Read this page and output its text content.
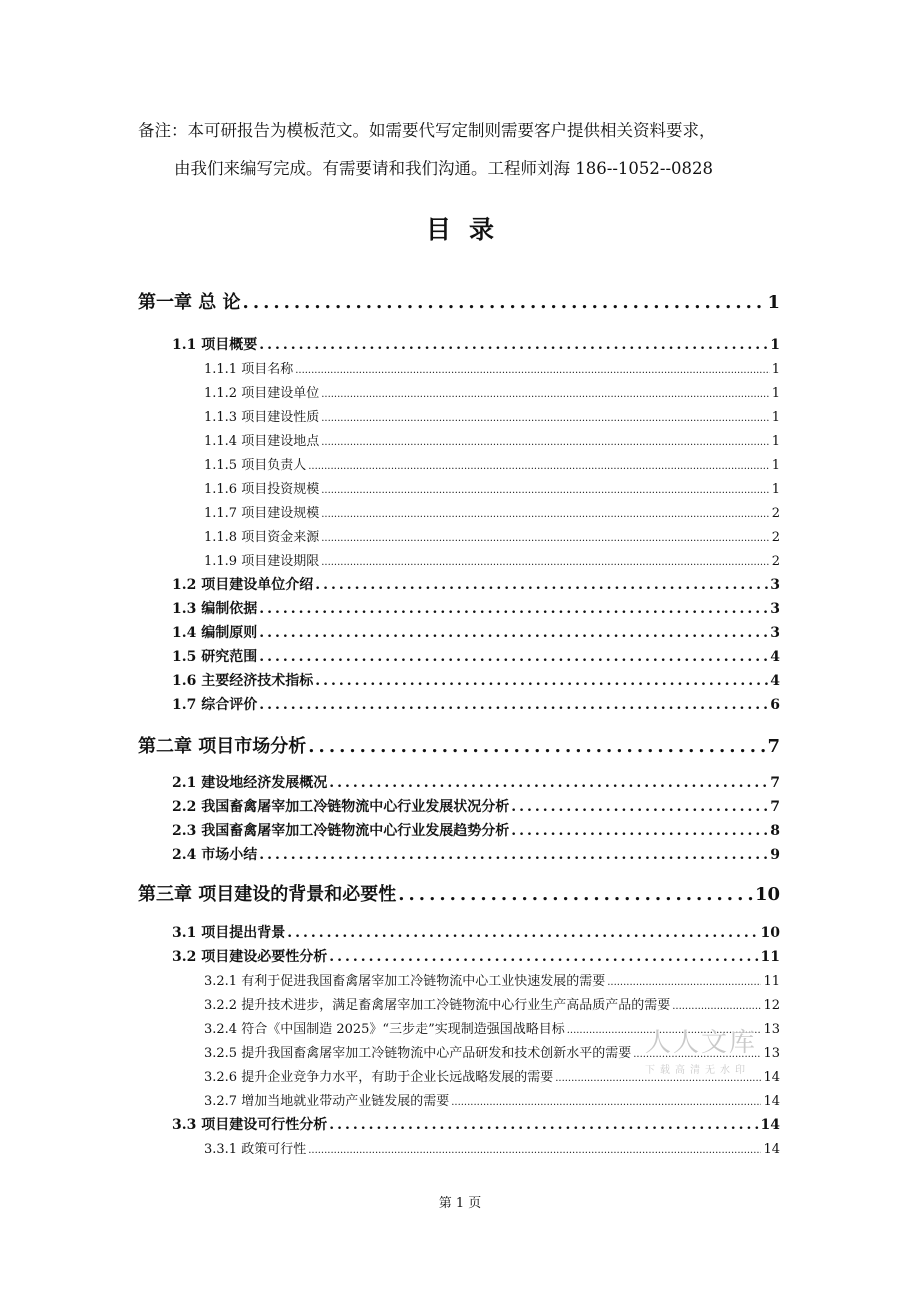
备注：本可研报告为模板范文。如需要代写定制则需要客户提供相关资料要求，
由我们来编写完成。有需要请和我们沟通。工程师刘海 186--1052--0828
目录
第一章 总 论 .....	1
1.1 项目概要 .....	1
1.1.1 项目名称 .....	1
1.1.2 项目建设单位 .....	1
1.1.3 项目建设性质 .....	1
1.1.4 项目建设地点 .....	1
1.1.5 项目负责人 .....	1
1.1.6 项目投资规模 .....	1
1.1.7 项目建设规模 .....	2
1.1.8 项目资金来源 .....	2
1.1.9 项目建设期限 .....	2
1.2 项目建设单位介绍 .....	3
1.3 编制依据 .....	3
1.4 编制原则 .....	3
1.5 研究范围 .....	4
1.6 主要经济技术指标 .....	4
1.7 综合评价 .....	6
第二章 项目市场分析 .....	7
2.1 建设地经济发展概况 .....	7
2.2 我国畜禽屠宰加工冷链物流中心行业发展状况分析 .....	7
2.3 我国畜禽屠宰加工冷链物流中心行业发展趋势分析 .....	8
2.4 市场小结 .....	9
第三章 项目建设的背景和必要性 .....	10
3.1 项目提出背景 .....	10
3.2 项目建设必要性分析 .....	11
3.2.1 有利于促进我国畜禽屠宰加工冷链物流中心工业快速发展的需要 .....	11
3.2.2 提升技术进步，满足畜禽屠宰加工冷链物流中心行业生产高品质产品的需要 .....	12
3.2.4 符合《中国制造 2025》“三步走”实现制造强国战略目标 .....	13
3.2.5 提升我国畜禽屠宰加工冷链物流中心产品研发和技术创新水平的需要 .....	13
3.2.6 提升企业竞争力水平，有助于企业长远战略发展的需要 .....	14
3.2.7 增加当地就业带动产业链发展的需要 .....	14
3.3 项目建设可行性分析 .....	14
3.3.1 政策可行性 .....	14
第 1 页
人人文库
下载高清无水印
